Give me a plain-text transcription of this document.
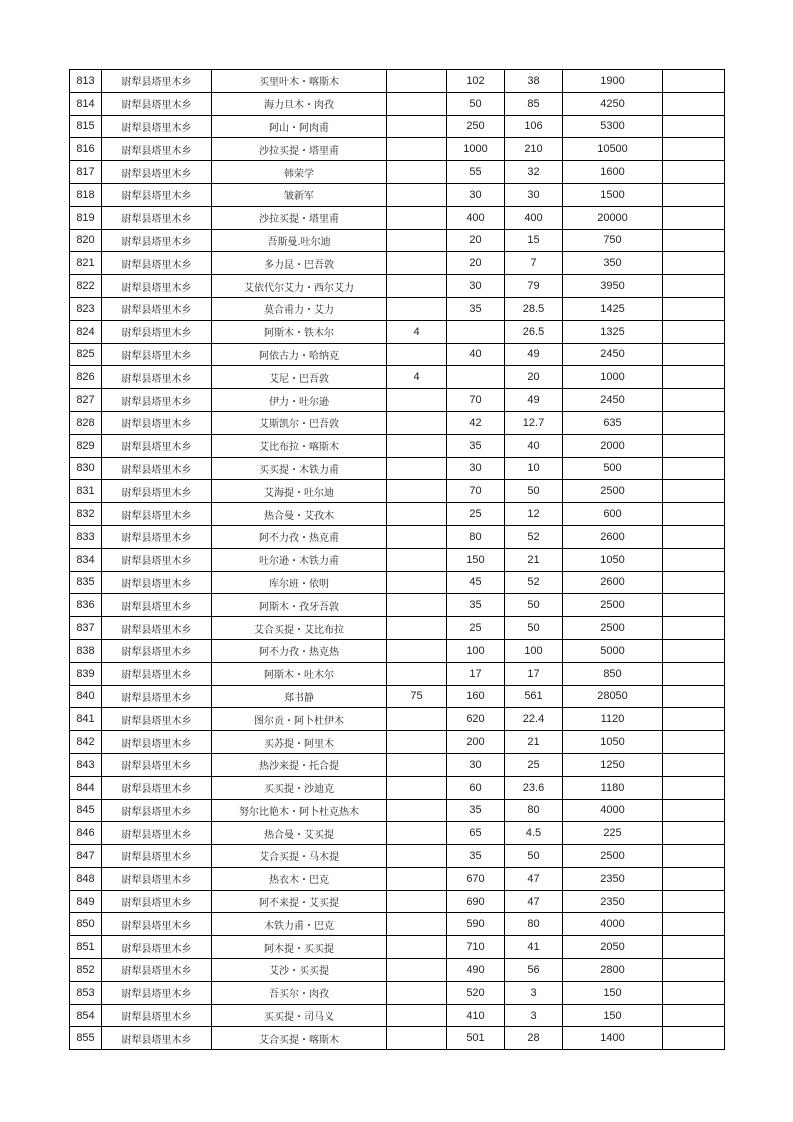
813	尉犁县塔里木乡	买里叶木・喀斯木		102	38	1900	
814	尉犁县塔里木乡	海力旦木・肉孜		50	85	4250	
815	尉犁县塔里木乡	阿山・阿肉甫		250	106	5300	
816	尉犁县塔里木乡	沙拉买提・塔里甫		1000	210	10500	
817	尉犁县塔里木乡	韩荣学		55	32	1600	
818	尉犁县塔里木乡	皱新军		30	30	1500	
819	尉犁县塔里木乡	沙拉买提・塔里甫		400	400	20000	
820	尉犁县塔里木乡	吾斯曼.吐尔迪		20	15	750	
821	尉犁县塔里木乡	多力昆・巴吾敦		20	7	350	
822	尉犁县塔里木乡	艾依代尔艾力・西尔艾力		30	79	3950	
823	尉犁县塔里木乡	莫合甫力・艾力		35	28.5	1425	
824	尉犁县塔里木乡	阿斯木・铁木尔	4		26.5	1325	
825	尉犁县塔里木乡	阿依古力・哈纳克		40	49	2450	
826	尉犁县塔里木乡	艾尼・巴吾敦	4		20	1000	
827	尉犁县塔里木乡	伊力・吐尔逊		70	49	2450	
828	尉犁县塔里木乡	艾斯凯尔・巴吾敦		42	12.7	635	
829	尉犁县塔里木乡	艾比布拉・喀斯木		35	40	2000	
830	尉犁县塔里木乡	买买提・木铁力甫		30	10	500	
831	尉犁县塔里木乡	艾海提・吐尔迪		70	50	2500	
832	尉犁县塔里木乡	热合曼・艾孜木		25	12	600	
833	尉犁县塔里木乡	阿不力孜・热克甫		80	52	2600	
834	尉犁县塔里木乡	吐尔逊・木铁力甫		150	21	1050	
835	尉犁县塔里木乡	库尔班・依明		45	52	2600	
836	尉犁县塔里木乡	阿斯木・孜牙吾敦		35	50	2500	
837	尉犁县塔里木乡	艾合买提・艾比布拉		25	50	2500	
838	尉犁县塔里木乡	阿不力孜・热克热		100	100	5000	
839	尉犁县塔里木乡	阿斯木・吐木尔		17	17	850	
840	尉犁县塔里木乡	郑书静	75	160	561	28050	
841	尉犁县塔里木乡	图尔贡・阿卜杜伊木		620	22.4	1120	
842	尉犁县塔里木乡	买苏提・阿里木		200	21	1050	
843	尉犁县塔里木乡	热沙来提・托合提		30	25	1250	
844	尉犁县塔里木乡	买买提・沙迪克		60	23.6	1180	
845	尉犁县塔里木乡	努尔比艳木・阿卜杜克热木		35	80	4000	
846	尉犁县塔里木乡	热合曼・艾买提		65	4.5	225	
847	尉犁县塔里木乡	艾合买提・马木提		35	50	2500	
848	尉犁县塔里木乡	热衣木・巴克		670	47	2350	
849	尉犁县塔里木乡	阿不来提・艾买提		690	47	2350	
850	尉犁县塔里木乡	木铁力甫・巴克		590	80	4000	
851	尉犁县塔里木乡	阿木提・买买提		710	41	2050	
852	尉犁县塔里木乡	艾沙・买买提		490	56	2800	
853	尉犁县塔里木乡	吾买尔・肉孜		520	3	150	
854	尉犁县塔里木乡	买买提・司马义		410	3	150	
855	尉犁县塔里木乡	艾合买提・喀斯木		501	28	1400	
